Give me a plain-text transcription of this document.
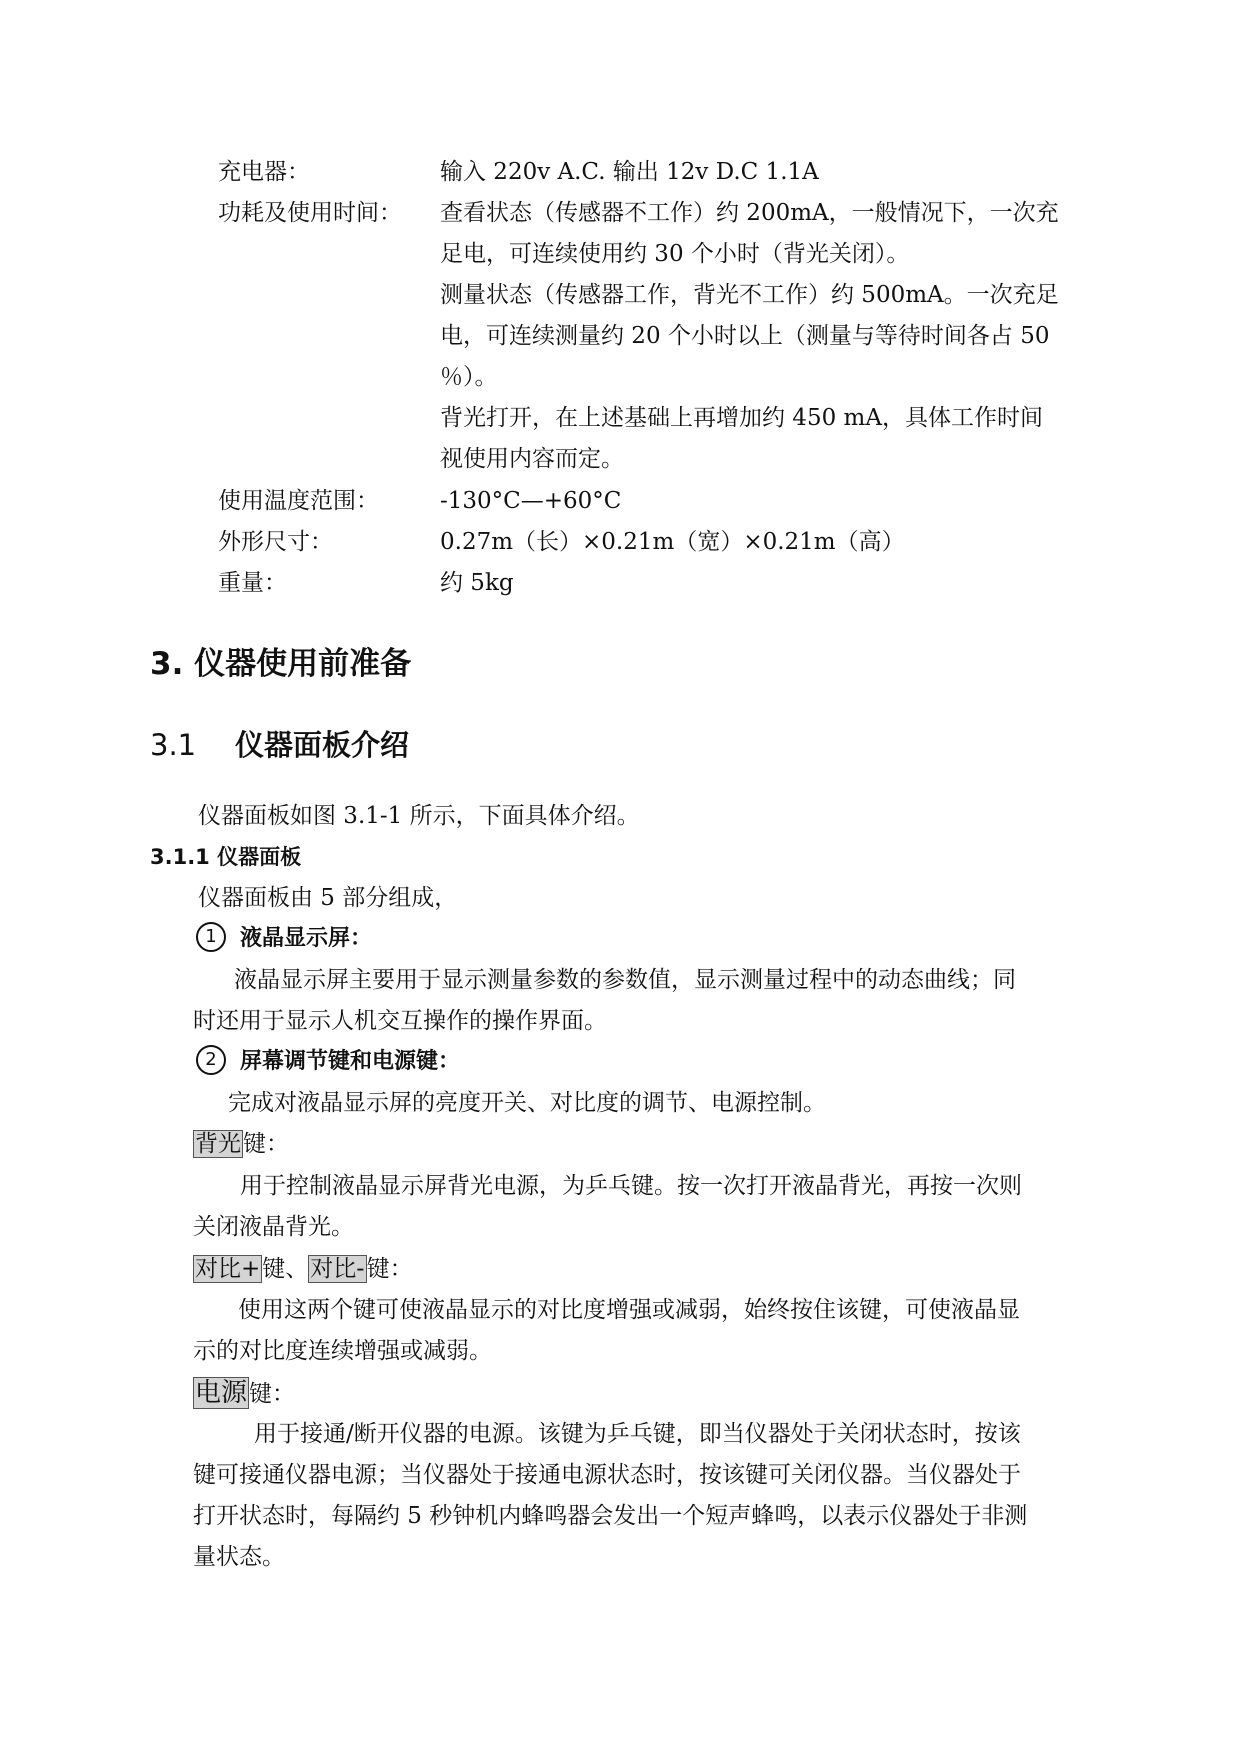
充电器：	输入 220v A.C. 输出 12v D.C 1.1A
功耗及使用时间： 查看状态（传感器不工作）约 200mA，一般情况下，一次充
足电，可连续使用约 30 个小时（背光关闭）。
测量状态（传感器工作，背光不工作）约 500mA。一次充足
电，可连续测量约 20 个小时以上（测量与等待时间各占 50
％）。
背光打开，在上述基础上再增加约 450 mA，具体工作时间
视使用内容而定。
使用温度范围：	-130°C—+60°C
外形尺寸：	0.27m（长）×0.21m（宽）×0.21m（高）
重量：	约 5kg
3. 仪器使用前准备
3.1 仪器面板介绍
仪器面板如图 3.1-1 所示，下面具体介绍。
3.1.1 仪器面板
仪器面板由 5 部分组成，
1 液晶显示屏：
液晶显示屏主要用于显示测量参数的参数值，显示测量过程中的动态曲线；同
时还用于显示人机交互操作的操作界面。
2 屏幕调节键和电源键：
完成对液晶显示屏的亮度开关、对比度的调节、电源控制。
背光键：
用于控制液晶显示屏背光电源，为乒乓键。按一次打开液晶背光，再按一次则
关闭液晶背光。
对比+键、对比-键：
使用这两个键可使液晶显示的对比度增强或减弱，始终按住该键，可使液晶显
示的对比度连续增强或减弱。
电源键：
用于接通/断开仪器的电源。该键为乒乓键，即当仪器处于关闭状态时，按该
键可接通仪器电源；当仪器处于接通电源状态时，按该键可关闭仪器。当仪器处于
打开状态时，每隔约 5 秒钟机内蜂鸣器会发出一个短声蜂鸣，以表示仪器处于非测
量状态。
